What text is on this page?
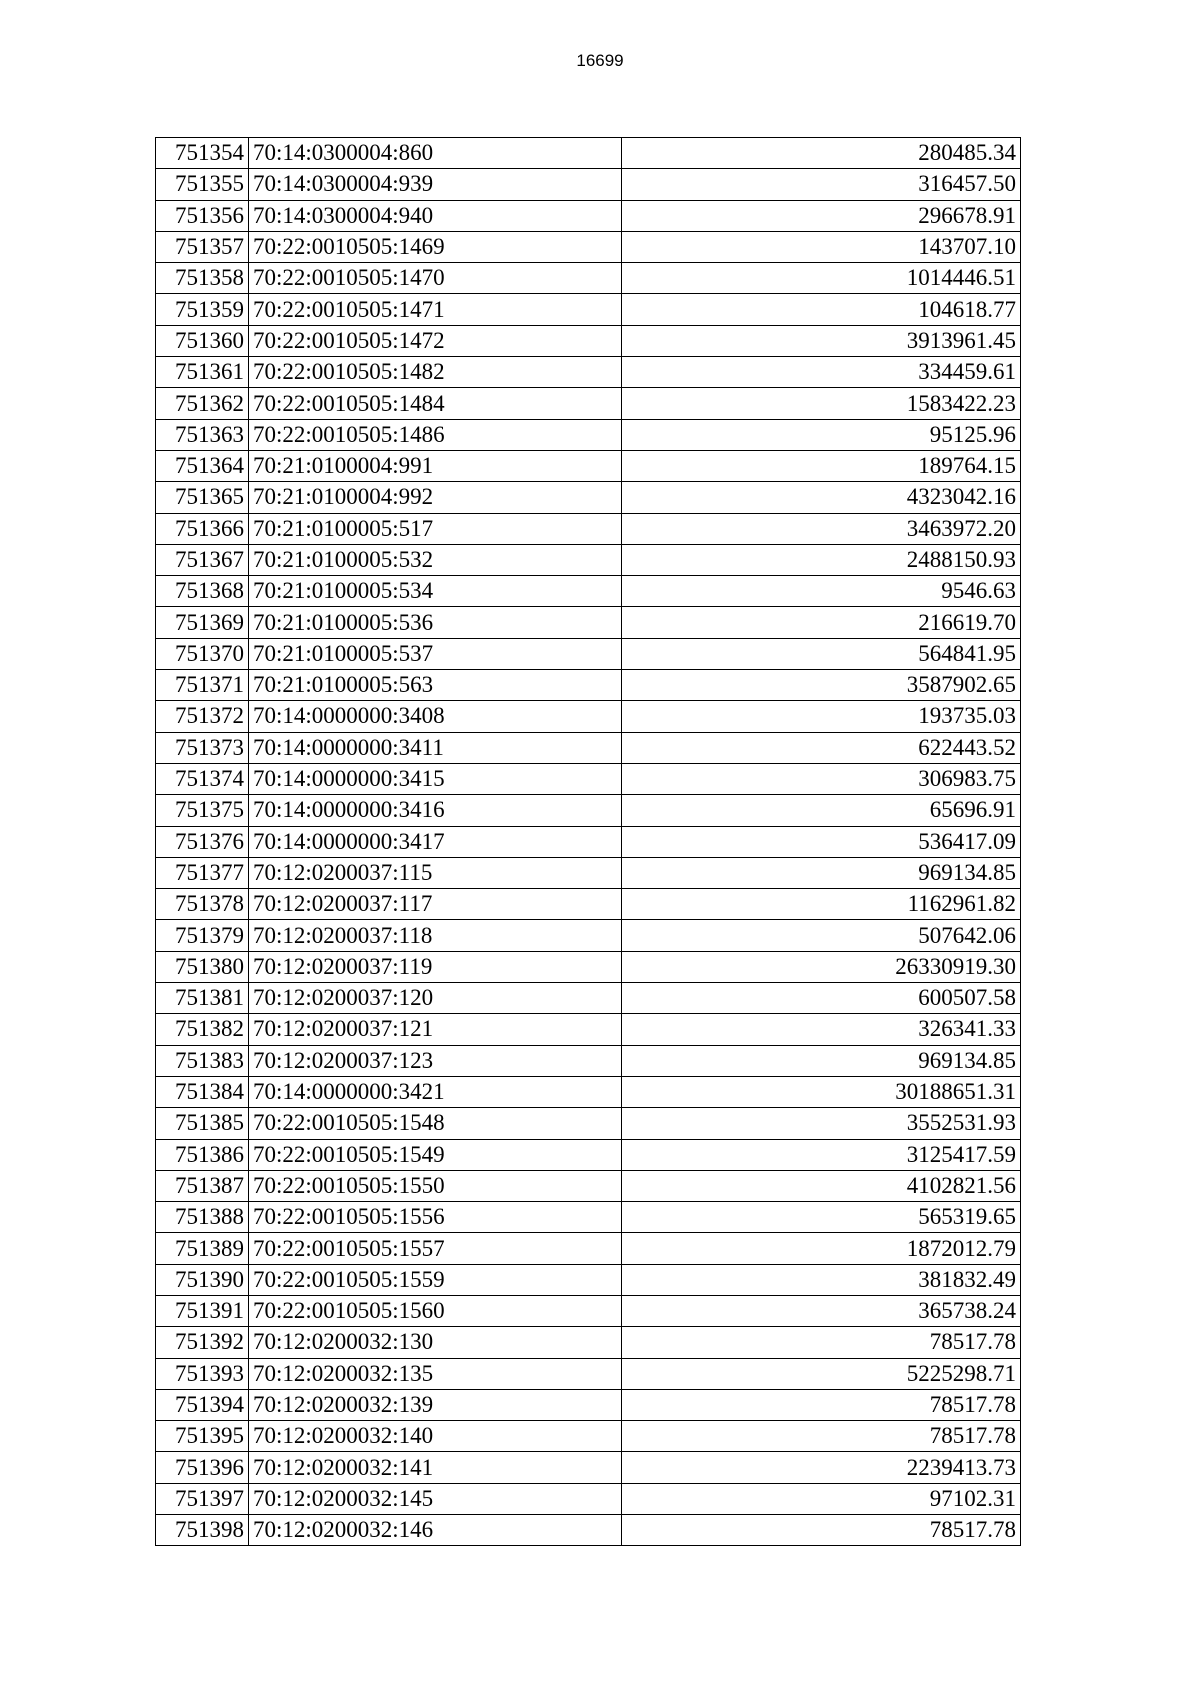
16699
751354	70:14:0300004:860	280485.34
751355	70:14:0300004:939	316457.50
751356	70:14:0300004:940	296678.91
751357	70:22:0010505:1469	143707.10
751358	70:22:0010505:1470	1014446.51
751359	70:22:0010505:1471	104618.77
751360	70:22:0010505:1472	3913961.45
751361	70:22:0010505:1482	334459.61
751362	70:22:0010505:1484	1583422.23
751363	70:22:0010505:1486	95125.96
751364	70:21:0100004:991	189764.15
751365	70:21:0100004:992	4323042.16
751366	70:21:0100005:517	3463972.20
751367	70:21:0100005:532	2488150.93
751368	70:21:0100005:534	9546.63
751369	70:21:0100005:536	216619.70
751370	70:21:0100005:537	564841.95
751371	70:21:0100005:563	3587902.65
751372	70:14:0000000:3408	193735.03
751373	70:14:0000000:3411	622443.52
751374	70:14:0000000:3415	306983.75
751375	70:14:0000000:3416	65696.91
751376	70:14:0000000:3417	536417.09
751377	70:12:0200037:115	969134.85
751378	70:12:0200037:117	1162961.82
751379	70:12:0200037:118	507642.06
751380	70:12:0200037:119	26330919.30
751381	70:12:0200037:120	600507.58
751382	70:12:0200037:121	326341.33
751383	70:12:0200037:123	969134.85
751384	70:14:0000000:3421	30188651.31
751385	70:22:0010505:1548	3552531.93
751386	70:22:0010505:1549	3125417.59
751387	70:22:0010505:1550	4102821.56
751388	70:22:0010505:1556	565319.65
751389	70:22:0010505:1557	1872012.79
751390	70:22:0010505:1559	381832.49
751391	70:22:0010505:1560	365738.24
751392	70:12:0200032:130	78517.78
751393	70:12:0200032:135	5225298.71
751394	70:12:0200032:139	78517.78
751395	70:12:0200032:140	78517.78
751396	70:12:0200032:141	2239413.73
751397	70:12:0200032:145	97102.31
751398	70:12:0200032:146	78517.78
